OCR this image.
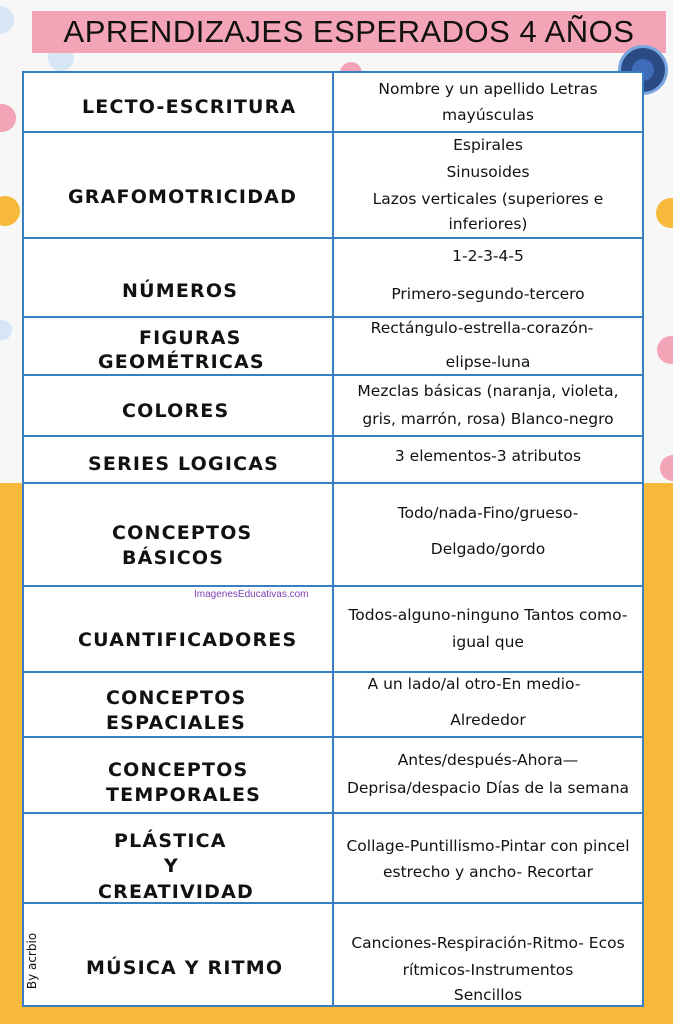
APRENDIZAJES ESPERADOS 4 AÑOS
LECTO-ESCRITURA
Nombre y un apellido Letras
mayúsculas
GRAFOMOTRICIDAD
Espirales
Sinusoides
Lazos verticales (superiores e
inferiores)
NÚMEROS
1-2-3-4-5
Primero-segundo-tercero
FIGURAS
GEOMÉTRICAS
Rectángulo-estrella-corazón-
elipse-luna
COLORES
Mezclas básicas (naranja, violeta,
gris, marrón, rosa) Blanco-negro
SERIES LOGICAS	3 elementos-3 atributos
CONCEPTOS
BÁSICOS
Todo/nada-Fino/grueso-
Delgado/gordo
ImagenesEducativas.com
CUANTIFICADORES
Todos-alguno-ninguno Tantos como-
igual que
CONCEPTOS
ESPACIALES
A un lado/al otro-En medio-
Alrededor
CONCEPTOS
TEMPORALES
Antes/después-Ahora—
Deprisa/despacio Días de la semana
PLÁSTICA
Y
CREATIVIDAD
Collage-Puntillismo-Pintar con pincel
estrecho y ancho- Recortar
By acrbio MÚSICA Y RITMO
Canciones-Respiración-Ritmo- Ecos
rítmicos-Instrumentos
Sencillos
